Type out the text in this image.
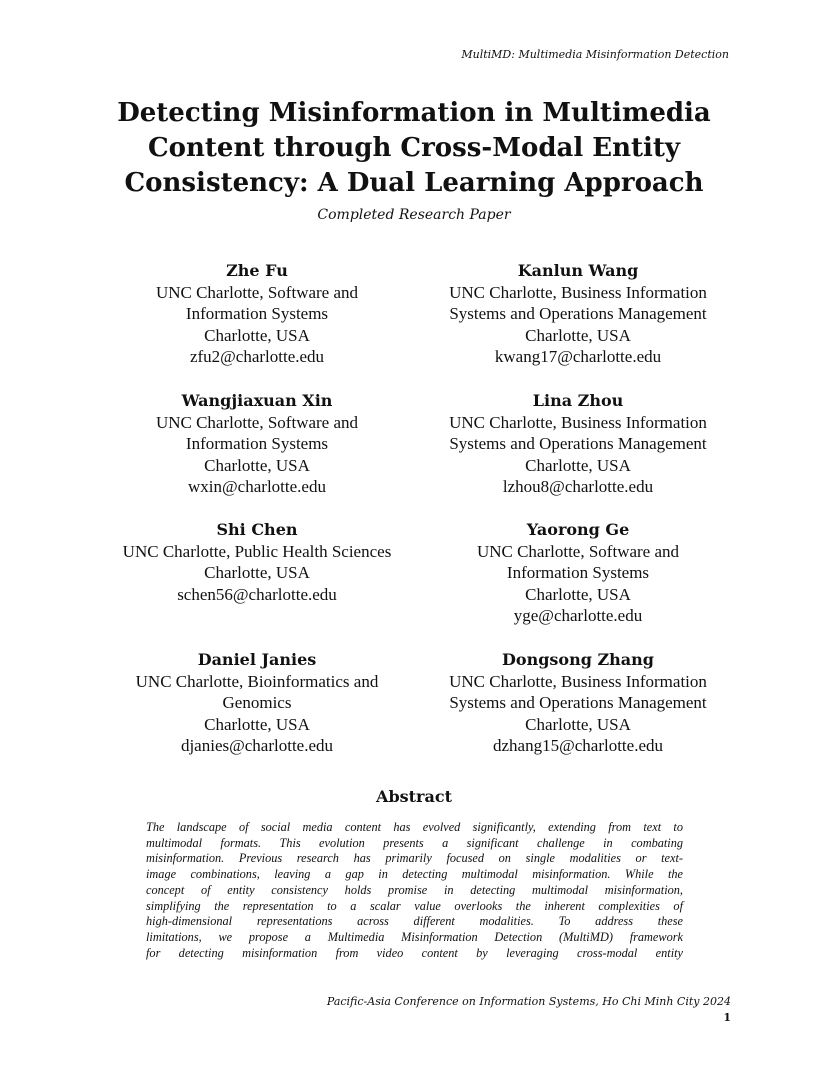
MultiMD: Multimedia Misinformation Detection
Detecting Misinformation in Multimedia
Content through Cross-Modal Entity
Consistency: A Dual Learning Approach
Completed Research Paper
Zhe Fu
UNC Charlotte, Software and
Information Systems
Charlotte, USA
zfu2@charlotte.edu
Kanlun Wang
UNC Charlotte, Business Information
Systems and Operations Management
Charlotte, USA
kwang17@charlotte.edu
Wangjiaxuan Xin
UNC Charlotte, Software and
Information Systems
Charlotte, USA
wxin@charlotte.edu
Lina Zhou
UNC Charlotte, Business Information
Systems and Operations Management
Charlotte, USA
lzhou8@charlotte.edu
Shi Chen
UNC Charlotte, Public Health Sciences
Charlotte, USA
schen56@charlotte.edu
Yaorong Ge
UNC Charlotte, Software and
Information Systems
Charlotte, USA
yge@charlotte.edu
Daniel Janies
UNC Charlotte, Bioinformatics and
Genomics
Charlotte, USA
djanies@charlotte.edu
Dongsong Zhang
UNC Charlotte, Business Information
Systems and Operations Management
Charlotte, USA
dzhang15@charlotte.edu
Abstract
The landscape of social media content has evolved significantly, extending from text to
multimodal formats. This evolution presents a significant challenge in combating
misinformation. Previous research has primarily focused on single modalities or text-
image combinations, leaving a gap in detecting multimodal misinformation. While the
concept of entity consistency holds promise in detecting multimodal misinformation,
simplifying the representation to a scalar value overlooks the inherent complexities of
high-dimensional representations across different modalities. To address these
limitations, we propose a Multimedia Misinformation Detection (MultiMD) framework
for detecting misinformation from video content by leveraging cross-modal entity
Pacific-Asia Conference on Information Systems, Ho Chi Minh City 2024
1
